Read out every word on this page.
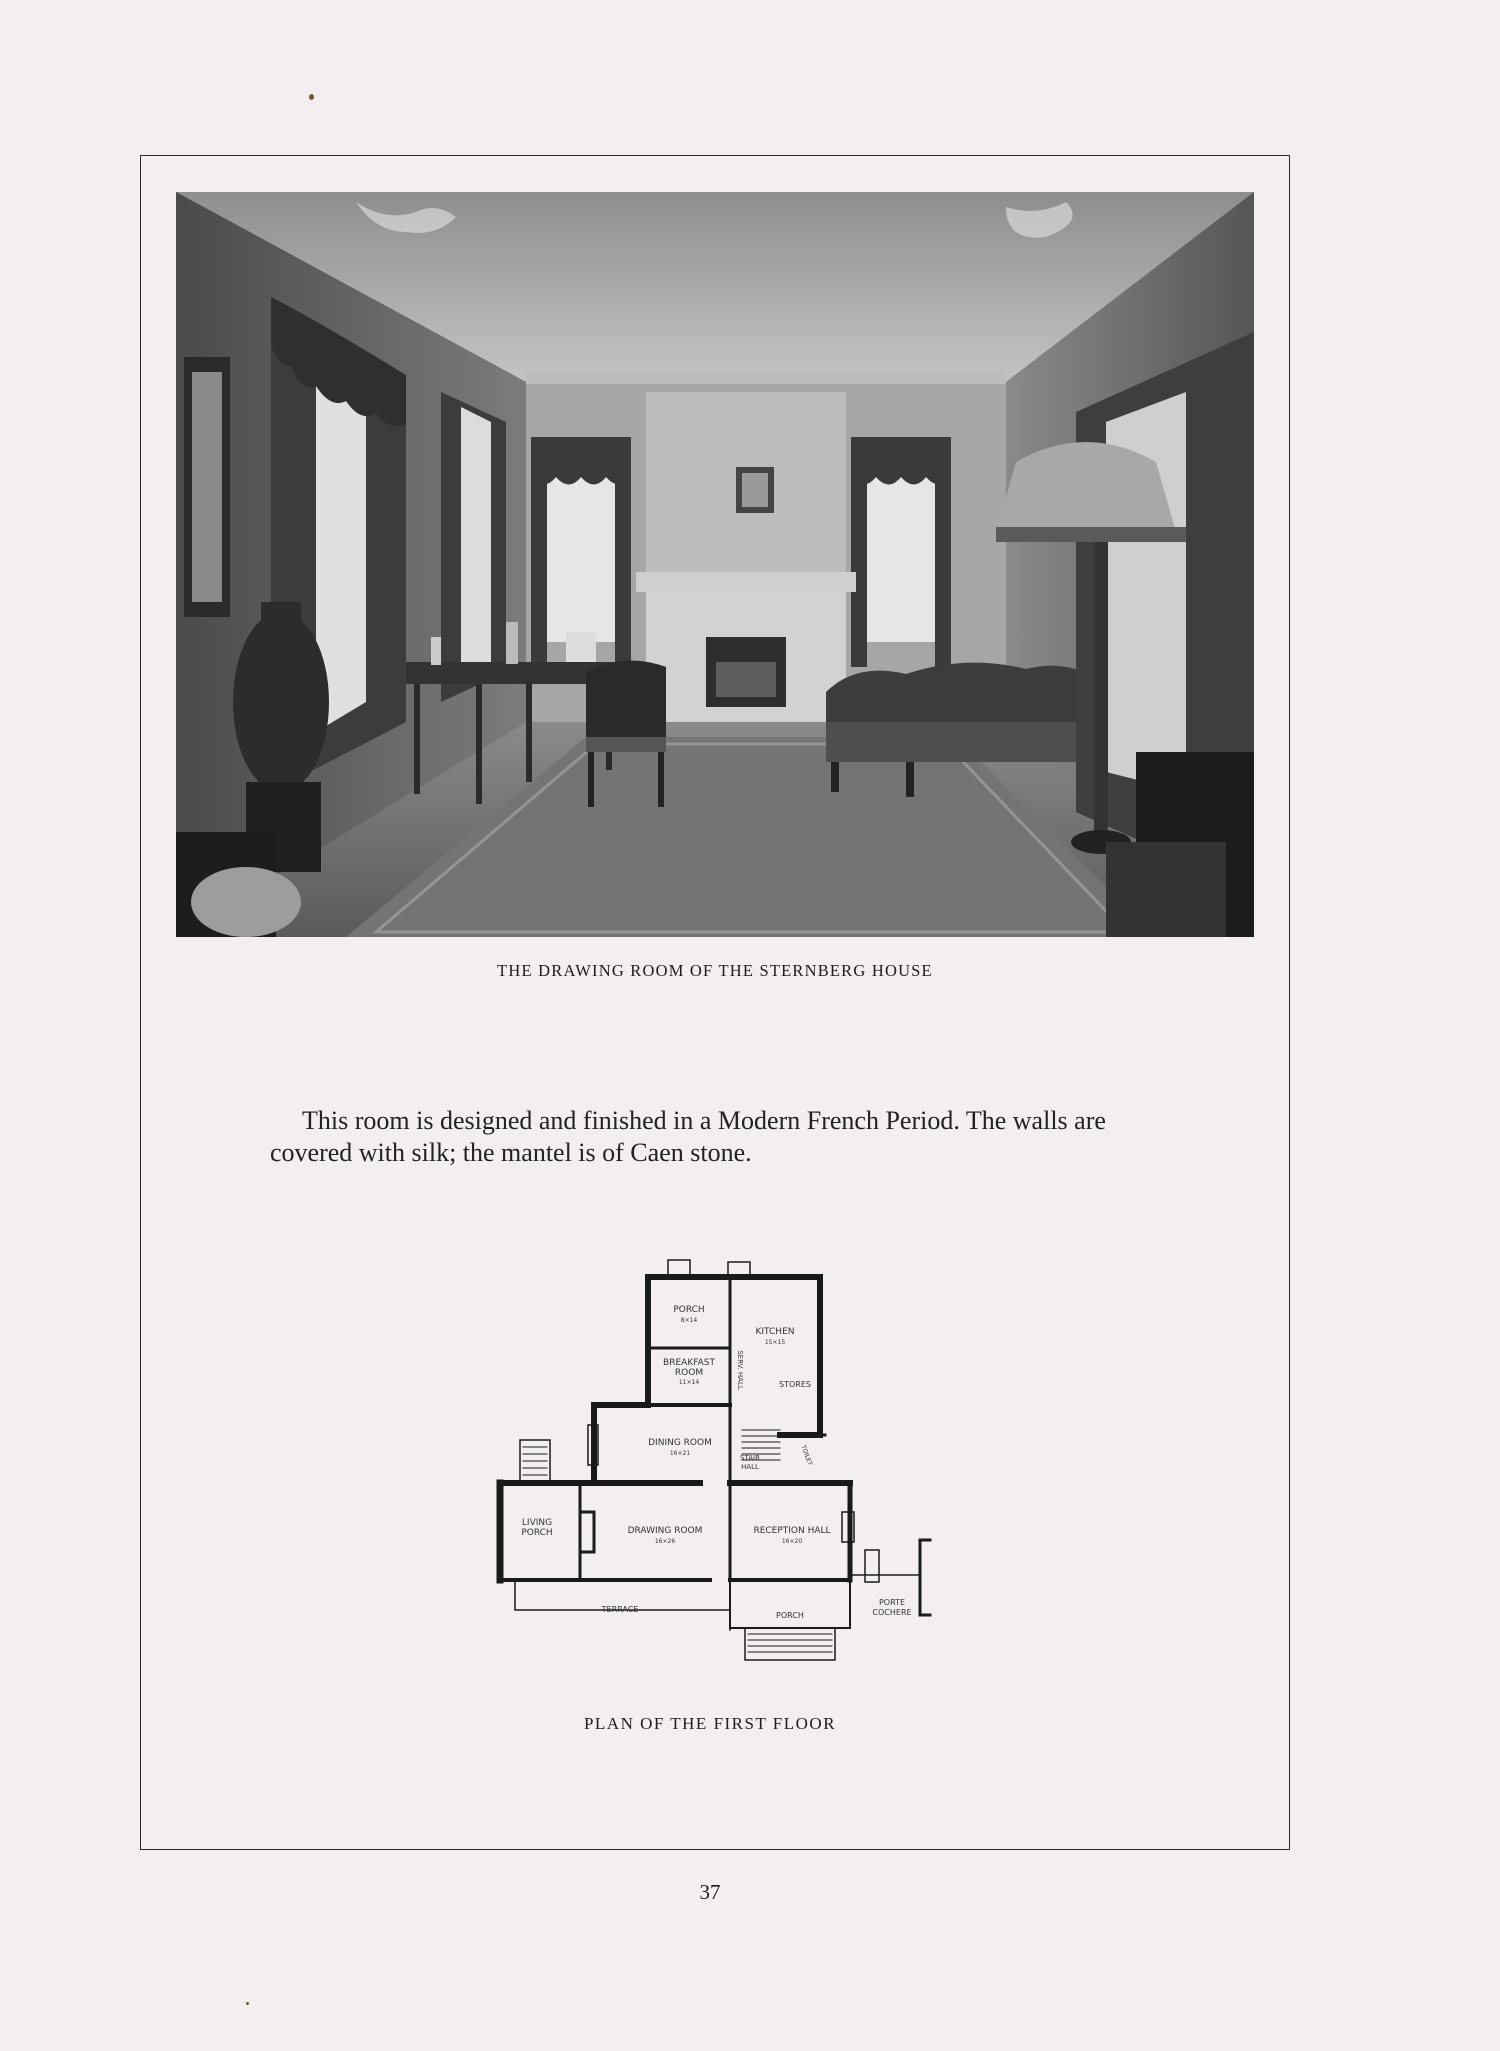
THE DRAWING ROOM OF THE STERNBERG HOUSE

This room is designed and finished in a Modern French Period. The walls are covered with silk; the mantel is of Caen stone.

PORCH
8×14
KITCHEN
15×15
BREAKFAST
ROOM
11×14	STORES
SERV. HALL
DINING ROOM
16×21
STAIR
HALL
TOILET
LIVING
PORCH	DRAWING ROOM
16×26
RECEPTION HALL
16×20
TERRACE
PORCH
PORTE
COCHERE
PLAN OF THE FIRST FLOOR
37
